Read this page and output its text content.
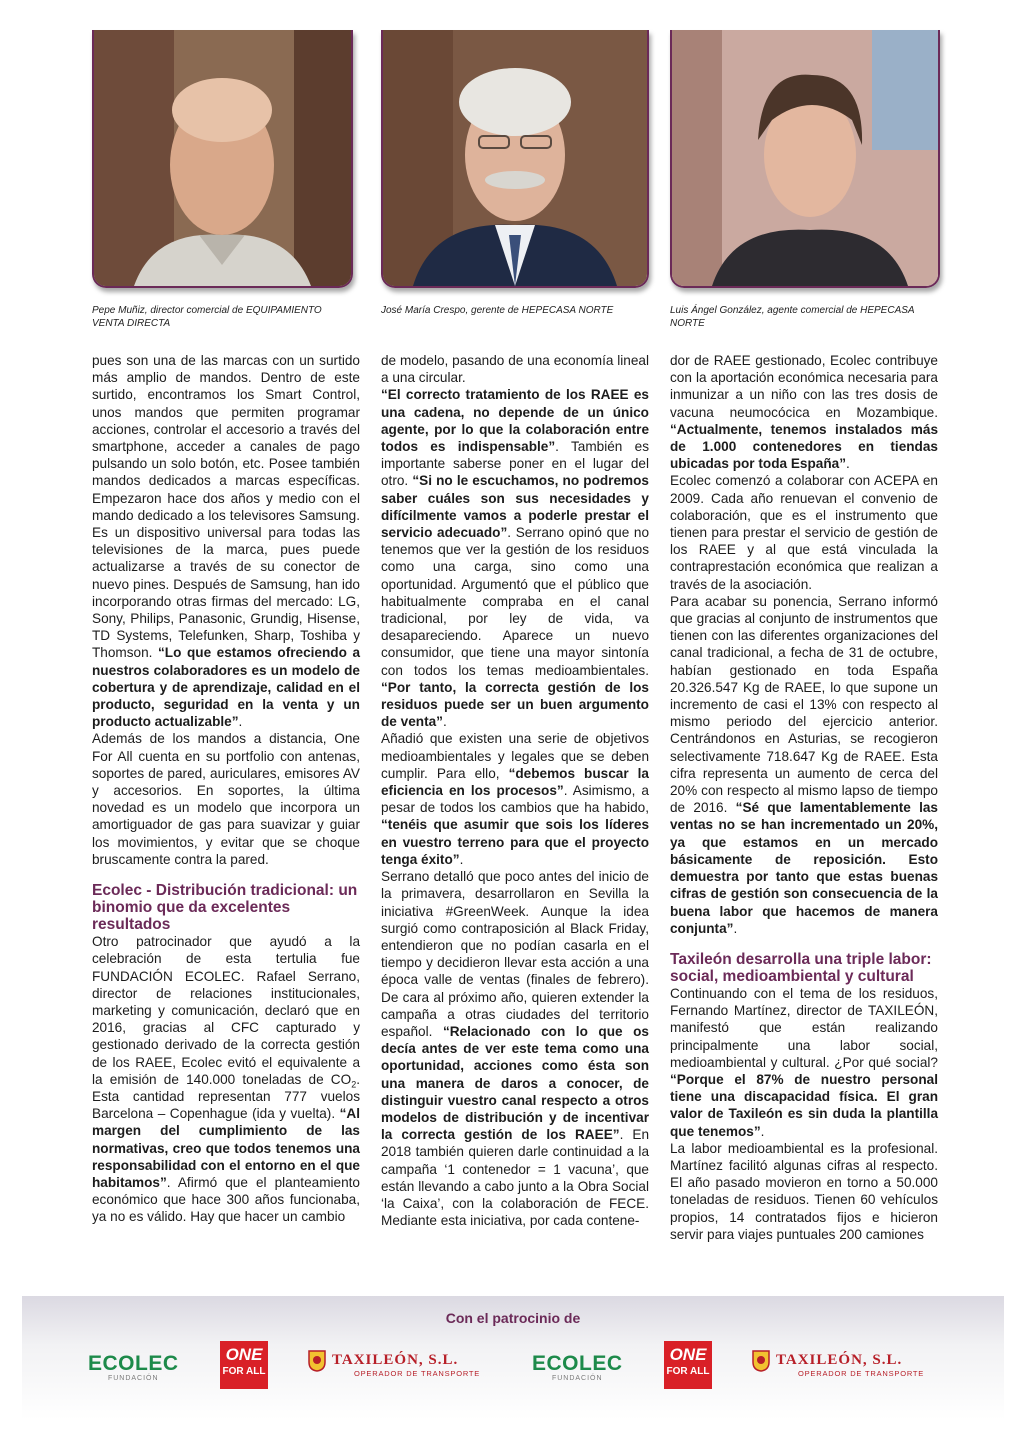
Pepe Muñiz, director comercial de EQUIPAMIENTO VENTA DIRECTA
José María Crespo, gerente de HEPECASA NORTE	Luis Ángel González, agente comercial de HEPECASA NORTE

pues son una de las marcas con un surtido más amplio de mandos. Dentro de este surtido, encontramos los Smart Control, unos mandos que permiten programar acciones, controlar el accesorio a través del smartphone, acceder a canales de pago pulsando un solo botón, etc. Posee también mandos dedicados a marcas específicas. Empezaron hace dos años y medio con el mando dedicado a los televisores Samsung. Es un dispositivo universal para todas las televisiones de la marca, pues puede actualizarse a través de su conector de nuevo pines. Después de Samsung, han ido incorporando otras firmas del mercado: LG, Sony, Philips, Panasonic, Grundig, Hisense, TD Systems, Telefunken, Sharp, Toshiba y Thomson. “Lo que estamos ofreciendo a nuestros colaboradores es un modelo de cobertura y de aprendizaje, calidad en el producto, seguridad en la venta y un producto actualizable”.

Además de los mandos a distancia, One For All cuenta en su portfolio con antenas, soportes de pared, auriculares, emisores AV y accesorios. En soportes, la última novedad es un modelo que incorpora un amortiguador de gas para suavizar y guiar los movimientos, y evitar que se choque bruscamente contra la pared.

Ecolec - Distribución tradicional: un binomio que da excelentes resultados

Otro patrocinador que ayudó a la celebración de esta tertulia fue FUNDACIÓN ECOLEC. Rafael Serrano, director de relaciones institucionales, marketing y comunicación, declaró que en 2016, gracias al CFC capturado y gestionado derivado de la correcta gestión de los RAEE, Ecolec evitó el equivalente a la emisión de 140.000 toneladas de $CO_2$. Esta cantidad representan 777 vuelos Barcelona – Copenhague (ida y vuelta). “Al margen del cumplimiento de las normativas, creo que todos tenemos una responsabilidad con el entorno en el que habitamos”. Afirmó que el planteamiento económico que hace 300 años funcionaba, ya no es válido. Hay que hacer un cambio

de modelo, pasando de una economía lineal a una circular.

“El correcto tratamiento de los RAEE es una cadena, no depende de un único agente, por lo que la colaboración entre todos es indispensable”. También es importante saberse poner en el lugar del otro. “Si no le escuchamos, no podremos saber cuáles son sus necesidades y difícilmente vamos a poderle prestar el servicio adecuado”. Serrano opinó que no tenemos que ver la gestión de los residuos como una carga, sino como una oportunidad. Argumentó que el público que habitualmente compraba en el canal tradicional, por ley de vida, va desapareciendo. Aparece un nuevo consumidor, que tiene una mayor sintonía con todos los temas medioambientales. “Por tanto, la correcta gestión de los residuos puede ser un buen argumento de venta”.

Añadió que existen una serie de objetivos medioambientales y legales que se deben cumplir. Para ello, “debemos buscar la eficiencia en los procesos”. Asimismo, a pesar de todos los cambios que ha habido, “tenéis que asumir que sois los líderes en vuestro terreno para que el proyecto tenga éxito”.

Serrano detalló que poco antes del inicio de la primavera, desarrollaron en Sevilla la iniciativa #GreenWeek. Aunque la idea surgió como contraposición al Black Friday, entendieron que no podían casarla en el tiempo y decidieron llevar esta acción a una época valle de ventas (finales de febrero). De cara al próximo año, quieren extender la campaña a otras ciudades del territorio español. “Relacionado con lo que os decía antes de ver este tema como una oportunidad, acciones como ésta son una manera de daros a conocer, de distinguir vuestro canal respecto a otros modelos de distribución y de incentivar la correcta gestión de los RAEE”. En 2018 también quieren darle continuidad a la campaña ‘1 contenedor = 1 vacuna’, que están llevando a cabo junto a la Obra Social ‘la Caixa’, con la colaboración de FECE. Mediante esta iniciativa, por cada contene-

dor de RAEE gestionado, Ecolec contribuye con la aportación económica necesaria para inmunizar a un niño con las tres dosis de vacuna neumocócica en Mozambique. “Actualmente, tenemos instalados más de 1.000 contenedores en tiendas ubicadas por toda España”.

Ecolec comenzó a colaborar con ACEPA en 2009. Cada año renuevan el convenio de colaboración, que es el instrumento que tienen para prestar el servicio de gestión de los RAEE y al que está vinculada la contraprestación económica que realizan a través de la asociación.

Para acabar su ponencia, Serrano informó que gracias al conjunto de instrumentos que tienen con las diferentes organizaciones del canal tradicional, a fecha de 31 de octubre, habían gestionado en toda España 20.326.547 Kg de RAEE, lo que supone un incremento de casi el 13% con respecto al mismo periodo del ejercicio anterior. Centrándonos en Asturias, se recogieron selectivamente 718.647 Kg de RAEE. Esta cifra representa un aumento de cerca del 20% con respecto al mismo lapso de tiempo de 2016. “Sé que lamentablemente las ventas no se han incrementado un 20%, ya que estamos en un mercado básicamente de reposición. Esto demuestra por tanto que estas buenas cifras de gestión son consecuencia de la buena labor que hacemos de manera conjunta”.

Taxileón desarrolla una triple labor: social, medioambiental y cultural

Continuando con el tema de los residuos, Fernando Martínez, director de TAXILEÓN, manifestó que están realizando principalmente una labor social, medioambiental y cultural. ¿Por qué social? “Porque el 87% de nuestro personal tiene una discapacidad física. El gran valor de Taxileón es sin duda la plantilla que tenemos”.

La labor medioambiental es la profesional. Martínez facilitó algunas cifras al respecto. El año pasado movieron en torno a 50.000 toneladas de residuos. Tienen 60 vehículos propios, 14 contratados fijos e hicieron servir para viajes puntuales 200 camiones

Con el patrocinio de
ECOLEC
FUNDACIÓN
ONE
FOR ALL
TAXILEÓN, S.L.
OPERADOR DE TRANSPORTE ECOLEC
FUNDACIÓN
ONE
FOR ALL
TAXILEÓN, S.L.
OPERADOR DE TRANSPORTE
